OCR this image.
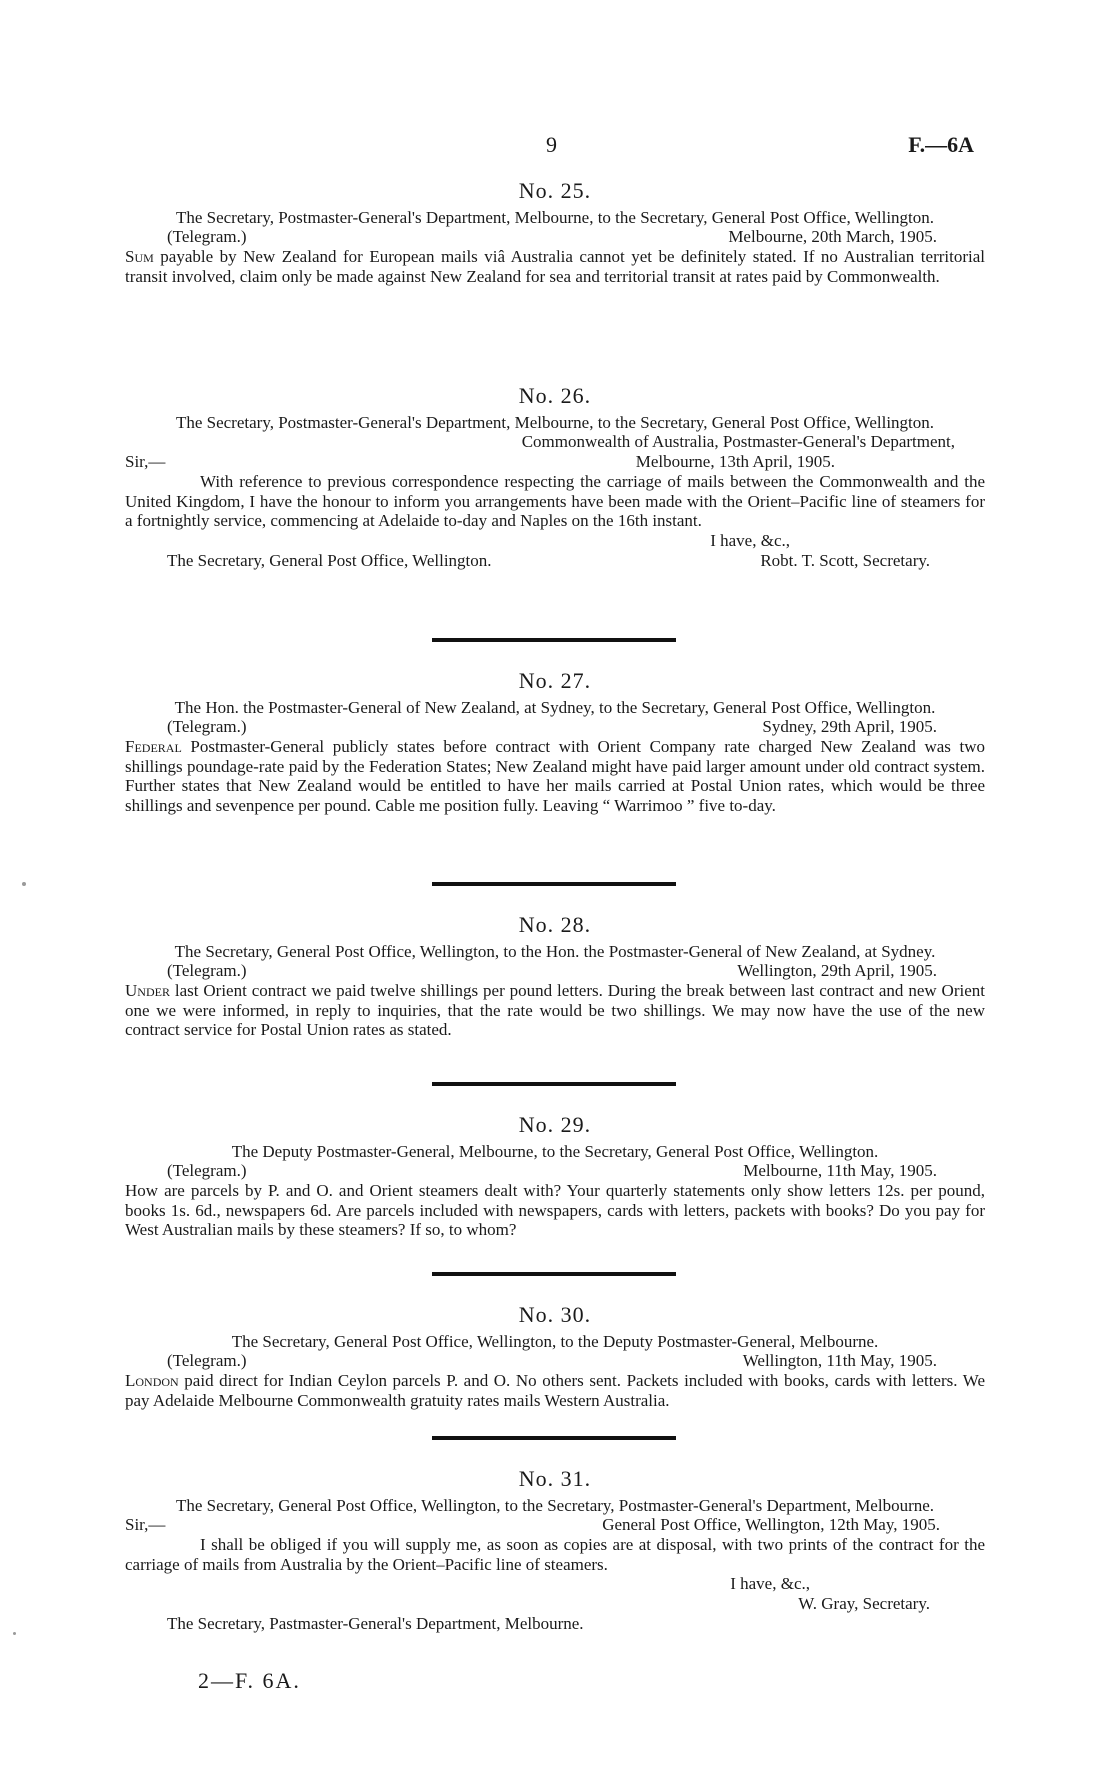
9	F.—6A
No. 25.
The Secretary, Postmaster-General's Department, Melbourne, to the Secretary, General Post Office, Wellington.
(Telegram.)	Melbourne, 20th March, 1905.

Sum payable by New Zealand for European mails viâ Australia cannot yet be definitely stated. If no Australian territorial transit involved, claim only be made against New Zealand for sea and territorial transit at rates paid by Commonwealth.

No. 26.
The Secretary, Postmaster-General's Department, Melbourne, to the Secretary, General Post Office, Wellington.
Commonwealth of Australia, Postmaster-General's Department,
Sir,—	Melbourne, 13th April, 1905.

With reference to previous correspondence respecting the carriage of mails between the Commonwealth and the United Kingdom, I have the honour to inform you arrangements have been made with the Orient–Pacific line of steamers for a fortnightly service, commencing at Adelaide to-day and Naples on the 16th instant.

I have, &c.,
The Secretary, General Post Office, Wellington.	Robt. T. Scott, Secretary.
No. 27.
The Hon. the Postmaster-General of New Zealand, at Sydney, to the Secretary, General Post Office, Wellington.
(Telegram.)	Sydney, 29th April, 1905.

Federal Postmaster-General publicly states before contract with Orient Company rate charged New Zealand was two shillings poundage-rate paid by the Federation States; New Zealand might have paid larger amount under old contract system. Further states that New Zealand would be entitled to have her mails carried at Postal Union rates, which would be three shillings and sevenpence per pound. Cable me position fully. Leaving “ Warrimoo ” five to-day.

No. 28.
The Secretary, General Post Office, Wellington, to the Hon. the Postmaster-General of New Zealand, at Sydney.
(Telegram.)	Wellington, 29th April, 1905.

Under last Orient contract we paid twelve shillings per pound letters. During the break between last contract and new Orient one we were informed, in reply to inquiries, that the rate would be two shillings. We may now have the use of the new contract service for Postal Union rates as stated.

No. 29.
The Deputy Postmaster-General, Melbourne, to the Secretary, General Post Office, Wellington.
(Telegram.)	Melbourne, 11th May, 1905.

How are parcels by P. and O. and Orient steamers dealt with? Your quarterly statements only show letters 12s. per pound, books 1s. 6d., newspapers 6d. Are parcels included with newspapers, cards with letters, packets with books? Do you pay for West Australian mails by these steamers? If so, to whom?

No. 30.
The Secretary, General Post Office, Wellington, to the Deputy Postmaster-General, Melbourne.
(Telegram.)	Wellington, 11th May, 1905.

London paid direct for Indian Ceylon parcels P. and O. No others sent. Packets included with books, cards with letters. We pay Adelaide Melbourne Commonwealth gratuity rates mails Western Australia.

No. 31.
The Secretary, General Post Office, Wellington, to the Secretary, Postmaster-General's Department, Melbourne.
Sir,—	General Post Office, Wellington, 12th May, 1905.

I shall be obliged if you will supply me, as soon as copies are at disposal, with two prints of the contract for the carriage of mails from Australia by the Orient–Pacific line of steamers.

I have, &c.,
W. Gray, Secretary.
The Secretary, Pastmaster-General's Department, Melbourne.
2—F. 6A.
